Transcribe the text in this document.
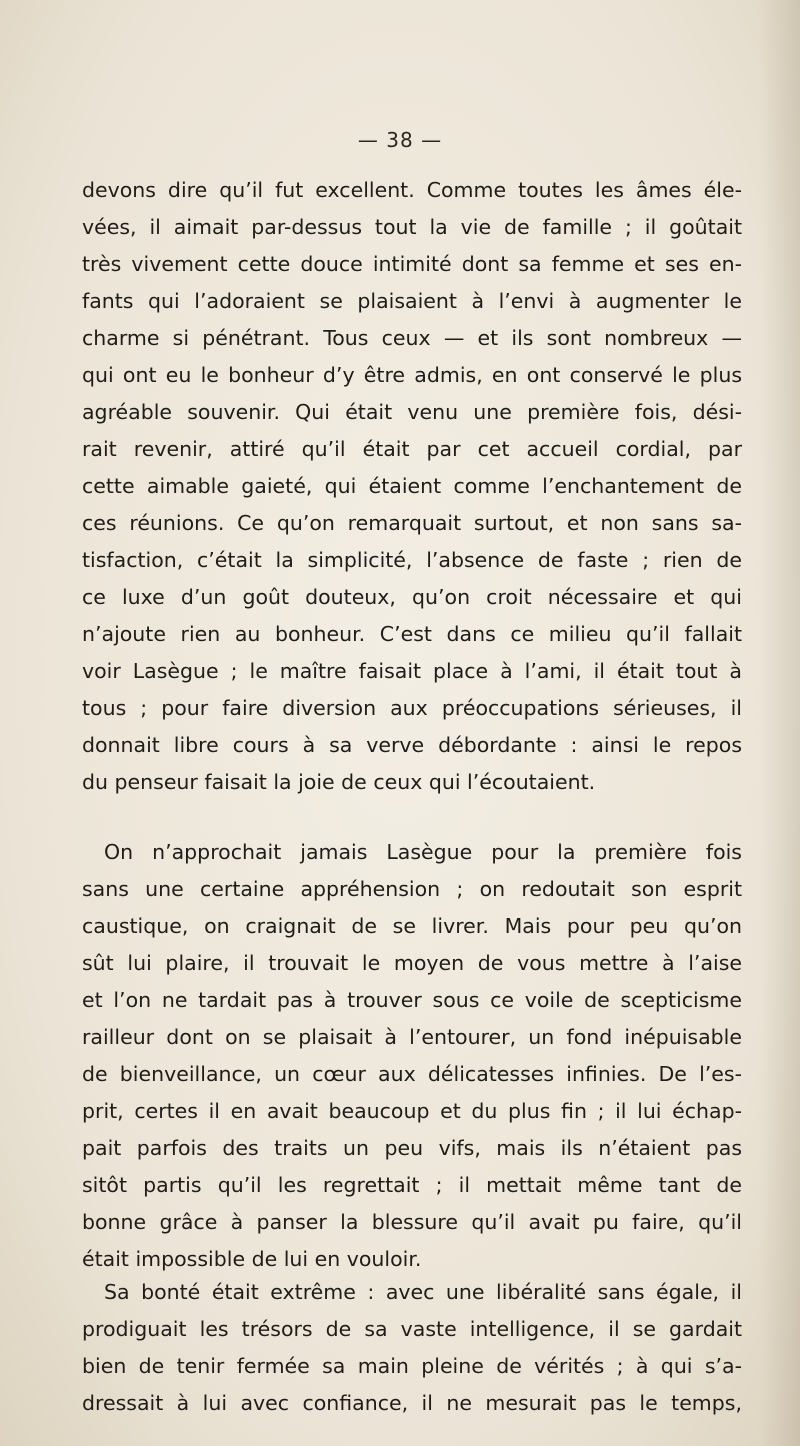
— 38 —
devons dire qu’il fut excellent. Comme toutes les âmes éle-
vées, il aimait par-dessus tout la vie de famille ; il goûtait
très vivement cette douce intimité dont sa femme et ses en-
fants qui l’adoraient se plaisaient à l’envi à augmenter le
charme si pénétrant. Tous ceux — et ils sont nombreux —
qui ont eu le bonheur d’y être admis, en ont conservé le plus
agréable souvenir. Qui était venu une première fois, dési-
rait revenir, attiré qu’il était par cet accueil cordial, par
cette aimable gaieté, qui étaient comme l’enchantement de
ces réunions. Ce qu’on remarquait surtout, et non sans sa-
tisfaction, c’était la simplicité, l’absence de faste ; rien de
ce luxe d’un goût douteux, qu’on croit nécessaire et qui
n’ajoute rien au bonheur. C’est dans ce milieu qu’il fallait
voir Lasègue ; le maître faisait place à l’ami, il était tout à
tous ; pour faire diversion aux préoccupations sérieuses, il
donnait libre cours à sa verve débordante : ainsi le repos
du penseur faisait la joie de ceux qui l’écoutaient.
On n’approchait jamais Lasègue pour la première fois
sans une certaine appréhension ; on redoutait son esprit
caustique, on craignait de se livrer. Mais pour peu qu’on
sût lui plaire, il trouvait le moyen de vous mettre à l’aise
et l’on ne tardait pas à trouver sous ce voile de scepticisme
railleur dont on se plaisait à l’entourer, un fond inépuisable
de bienveillance, un cœur aux délicatesses infinies. De l’es-
prit, certes il en avait beaucoup et du plus fin ; il lui échap-
pait parfois des traits un peu vifs, mais ils n’étaient pas
sitôt partis qu’il les regrettait ; il mettait même tant de
bonne grâce à panser la blessure qu’il avait pu faire, qu’il
était impossible de lui en vouloir.
Sa bonté était extrême : avec une libéralité sans égale, il
prodiguait les trésors de sa vaste intelligence, il se gardait
bien de tenir fermée sa main pleine de vérités ; à qui s’a-
dressait à lui avec confiance, il ne mesurait pas le temps,
